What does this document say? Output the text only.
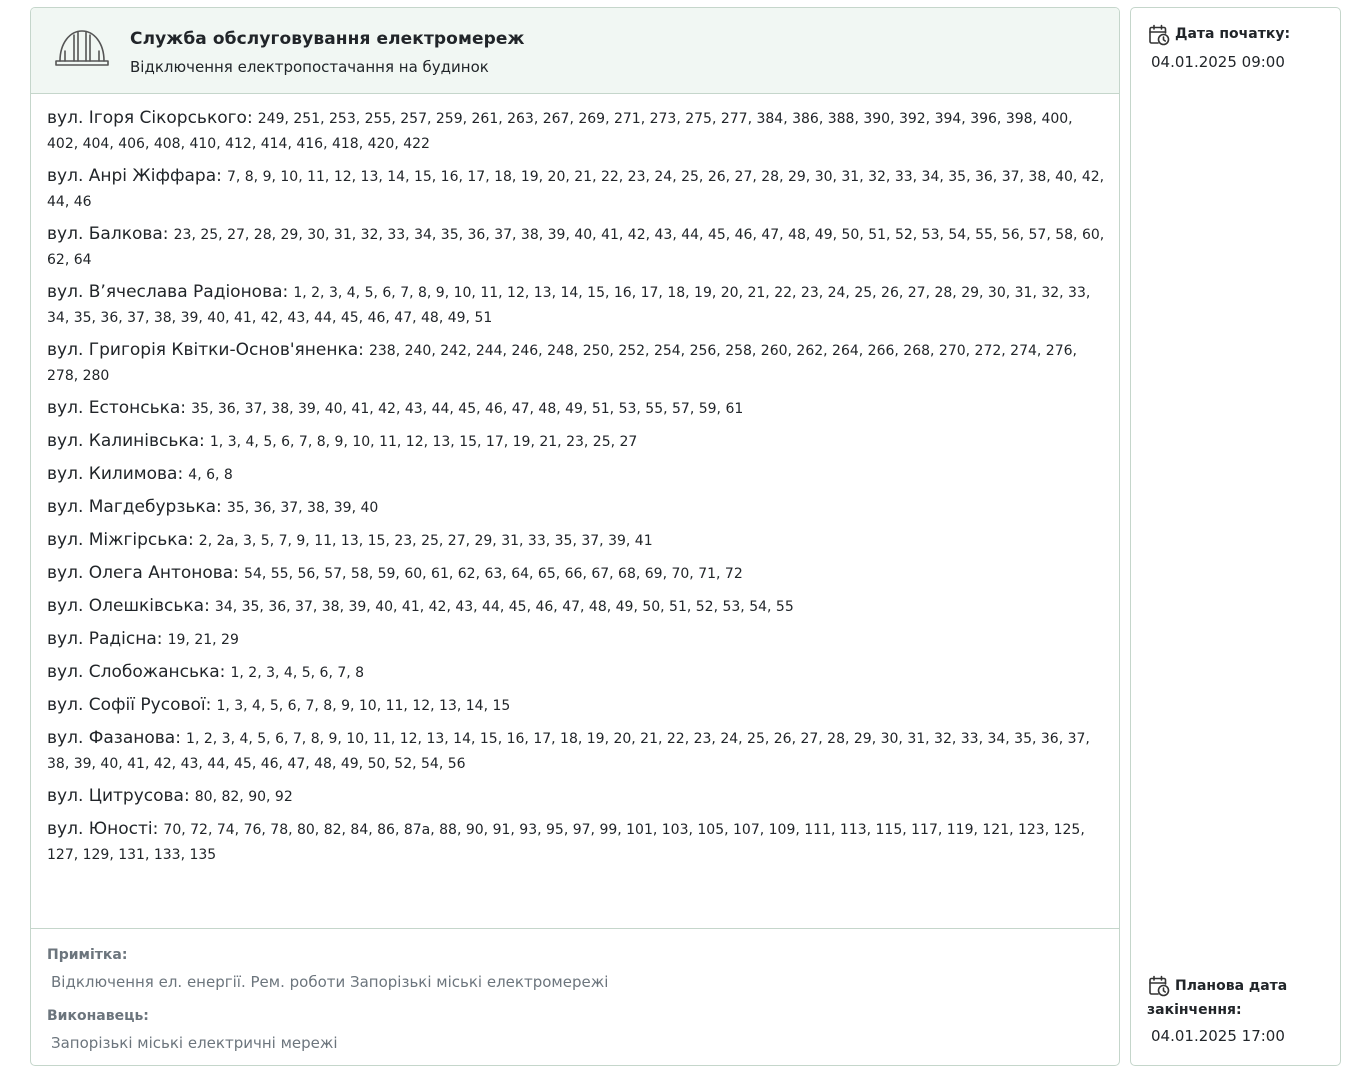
Служба обслуговування електромереж
Відключення електропостачання на будинок
вул. Ігоря Сікорського: 249, 251, 253, 255, 257, 259, 261, 263, 267, 269, 271, 273, 275, 277, 384, 386, 388, 390, 392, 394, 396, 398, 400, 402, 404, 406, 408, 410, 412, 414, 416, 418, 420, 422
вул. Анрі Жіффара: 7, 8, 9, 10, 11, 12, 13, 14, 15, 16, 17, 18, 19, 20, 21, 22, 23, 24, 25, 26, 27, 28, 29, 30, 31, 32, 33, 34, 35, 36, 37, 38, 40, 42, 44, 46
вул. Балкова: 23, 25, 27, 28, 29, 30, 31, 32, 33, 34, 35, 36, 37, 38, 39, 40, 41, 42, 43, 44, 45, 46, 47, 48, 49, 50, 51, 52, 53, 54, 55, 56, 57, 58, 60, 62, 64
вул. В’ячеслава Радіонова: 1, 2, 3, 4, 5, 6, 7, 8, 9, 10, 11, 12, 13, 14, 15, 16, 17, 18, 19, 20, 21, 22, 23, 24, 25, 26, 27, 28, 29, 30, 31, 32, 33, 34, 35, 36, 37, 38, 39, 40, 41, 42, 43, 44, 45, 46, 47, 48, 49, 51
вул. Григорія Квітки-Основ'яненка: 238, 240, 242, 244, 246, 248, 250, 252, 254, 256, 258, 260, 262, 264, 266, 268, 270, 272, 274, 276, 278, 280
вул. Естонська: 35, 36, 37, 38, 39, 40, 41, 42, 43, 44, 45, 46, 47, 48, 49, 51, 53, 55, 57, 59, 61
вул. Калинівська: 1, 3, 4, 5, 6, 7, 8, 9, 10, 11, 12, 13, 15, 17, 19, 21, 23, 25, 27
вул. Килимова: 4, 6, 8
вул. Магдебурзька: 35, 36, 37, 38, 39, 40
вул. Міжгірська: 2, 2а, 3, 5, 7, 9, 11, 13, 15, 23, 25, 27, 29, 31, 33, 35, 37, 39, 41
вул. Олега Антонова: 54, 55, 56, 57, 58, 59, 60, 61, 62, 63, 64, 65, 66, 67, 68, 69, 70, 71, 72
вул. Олешківська: 34, 35, 36, 37, 38, 39, 40, 41, 42, 43, 44, 45, 46, 47, 48, 49, 50, 51, 52, 53, 54, 55
вул. Радісна: 19, 21, 29
вул. Слобожанська: 1, 2, 3, 4, 5, 6, 7, 8
вул. Софії Русової: 1, 3, 4, 5, 6, 7, 8, 9, 10, 11, 12, 13, 14, 15
вул. Фазанова: 1, 2, 3, 4, 5, 6, 7, 8, 9, 10, 11, 12, 13, 14, 15, 16, 17, 18, 19, 20, 21, 22, 23, 24, 25, 26, 27, 28, 29, 30, 31, 32, 33, 34, 35, 36, 37, 38, 39, 40, 41, 42, 43, 44, 45, 46, 47, 48, 49, 50, 52, 54, 56
вул. Цитрусова: 80, 82, 90, 92
вул. Юності: 70, 72, 74, 76, 78, 80, 82, 84, 86, 87а, 88, 90, 91, 93, 95, 97, 99, 101, 103, 105, 107, 109, 111, 113, 115, 117, 119, 121, 123, 125, 127, 129, 131, 133, 135
Примітка:
Відключення ел. енергії. Рем. роботи Запорізькі міські електромережі
Виконавець:
Запорізькі міські електричні мережі
Дата початку:
04.01.2025 09:00
Планова дата закінчення:
04.01.2025 17:00
